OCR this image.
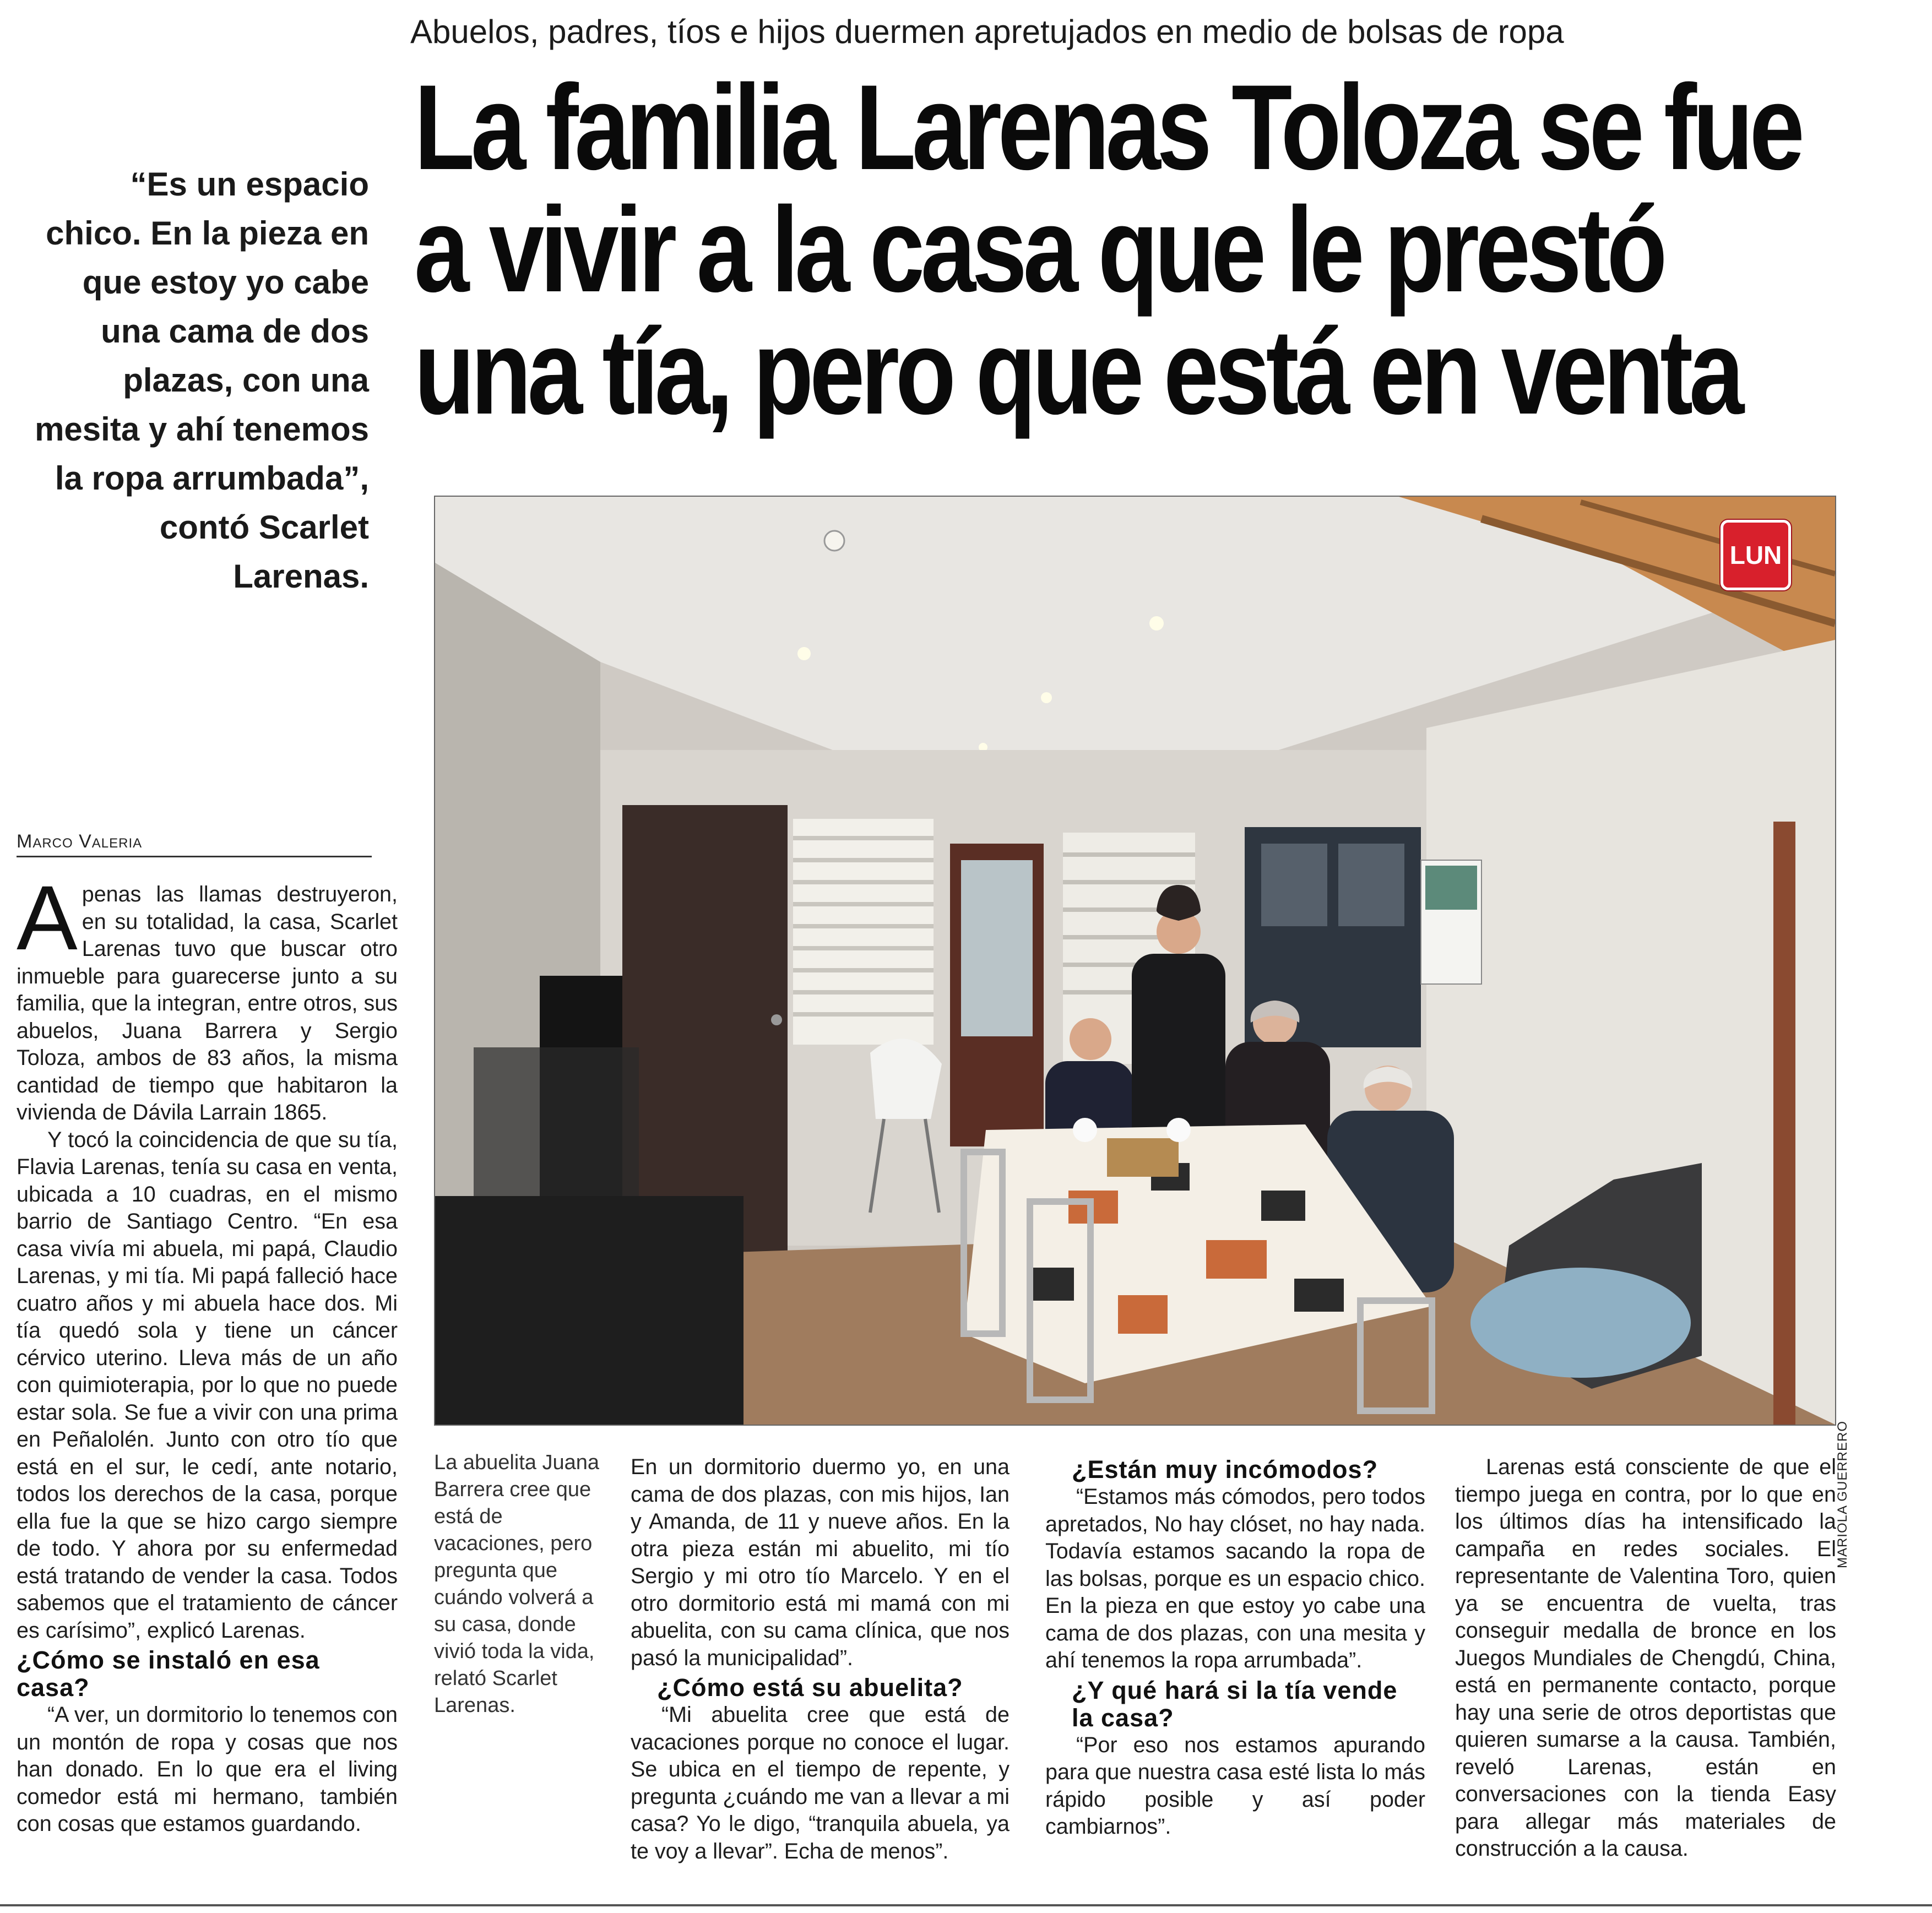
Abuelos, padres, tíos e hijos duermen apretujados en medio de bolsas de ropa
La familia Larenas Toloza se fue
a vivir a la casa que le prestó
una tía, pero que está en venta
“Es un espacio chico. En la pieza en que estoy yo cabe una cama de dos plazas, con una mesita y ahí tenemos la ropa arrumbada”, contó Scarlet Larenas.
Marco Valeria
LUN
MARIOLA GUERRERO
La abuelita Juana Barrera cree que está de vacaciones, pero pregunta que cuándo volverá a su casa, donde vivió toda la vida, relató Scarlet Larenas.

Apenas las llamas destruyeron, en su totalidad, la casa, Scarlet Larenas tuvo que buscar otro inmueble para guarecerse junto a su familia, que la integran, entre otros, sus abuelos, Juana Barrera y Sergio Toloza, ambos de 83 años, la misma cantidad de tiempo que habitaron la vivienda de Dávila Larrain 1865.

Y tocó la coincidencia de que su tía, Flavia Larenas, tenía su casa en venta, ubicada a 10 cuadras, en el mismo barrio de Santiago Centro. “En esa casa vivía mi abuela, mi papá, Claudio Larenas, y mi tía. Mi papá falleció hace cuatro años y mi abuela hace dos. Mi tía quedó sola y tiene un cáncer cérvico uterino. Lleva más de un año con quimioterapia, por lo que no puede estar sola. Se fue a vivir con una prima en Peñalolén. Junto con otro tío que está en el sur, le cedí, ante notario, todos los derechos de la casa, porque ella fue la que se hizo cargo siempre de todo. Y ahora por su enfermedad está tratando de vender la casa. Todos sabemos que el tratamiento de cáncer es carísimo”, explicó Larenas.

¿Cómo se instaló en esa casa?

“A ver, un dormitorio lo tenemos con un montón de ropa y cosas que nos han donado. En lo que era el living comedor está mi hermano, también con cosas que estamos guardando.

En un dormitorio duermo yo, en una cama de dos plazas, con mis hijos, Ian y Amanda, de 11 y nueve años. En la otra pieza están mi abuelito, mi tío Sergio y mi otro tío Marcelo. Y en el otro dormitorio está mi mamá con mi abuelita, con su cama clínica, que nos pasó la municipalidad”.

¿Cómo está su abuelita?

“Mi abuelita cree que está de vacaciones porque no conoce el lugar. Se ubica en el tiempo de repente, y pregunta ¿cuándo me van a llevar a mi casa? Yo le digo, “tranquila abuela, ya te voy a llevar”. Echa de menos”.

¿Están muy incómodos?

“Estamos más cómodos, pero todos apretados, No hay clóset, no hay nada. Todavía estamos sacando la ropa de las bolsas, porque es un espacio chico. En la pieza en que estoy yo cabe una cama de dos plazas, con una mesita y ahí tenemos la ropa arrumbada”.

¿Y qué hará si la tía vende la casa?

“Por eso nos estamos apurando para que nuestra casa esté lista lo más rápido posible y así poder cambiarnos”.

Larenas está consciente de que el tiempo juega en contra, por lo que en los últimos días ha intensificado la campaña en redes sociales. El representante de Valentina Toro, quien ya se encuentra de vuelta, tras conseguir medalla de bronce en los Juegos Mundiales de Chengdú, China, está en permanente contacto, porque hay una serie de otros deportistas que quieren sumarse a la causa. También, reveló Larenas, están en conversaciones con la tienda Easy para allegar más materiales de construcción a la causa.
